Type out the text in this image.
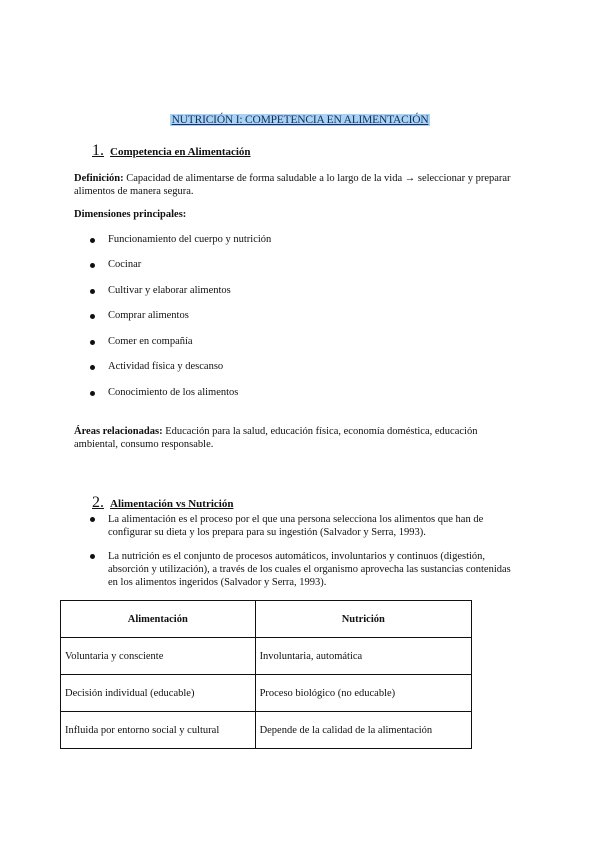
NUTRICIÓN I: COMPETENCIA EN ALIMENTACIÓN
1. Competencia en Alimentación
Definición: Capacidad de alimentarse de forma saludable a lo largo de la vida → seleccionar y preparar alimentos de manera segura.
Dimensiones principales:
Funcionamiento del cuerpo y nutrición
Cocinar
Cultivar y elaborar alimentos
Comprar alimentos
Comer en compañía
Actividad física y descanso
Conocimiento de los alimentos
Áreas relacionadas: Educación para la salud, educación física, economía doméstica, educación ambiental, consumo responsable.
2. Alimentación vs Nutrición
La alimentación es el proceso por el que una persona selecciona los alimentos que han de configurar su dieta y los prepara para su ingestión (Salvador y Serra, 1993).
La nutrición es el conjunto de procesos automáticos, involuntarios y continuos (digestión, absorción y utilización), a través de los cuales el organismo aprovecha las sustancias contenidas en los alimentos ingeridos (Salvador y Serra, 1993).
Alimentación	Nutrición
Voluntaria y consciente	Involuntaria, automática
Decisión individual (educable)	Proceso biológico (no educable)
Influida por entorno social y cultural	Depende de la calidad de la alimentación
